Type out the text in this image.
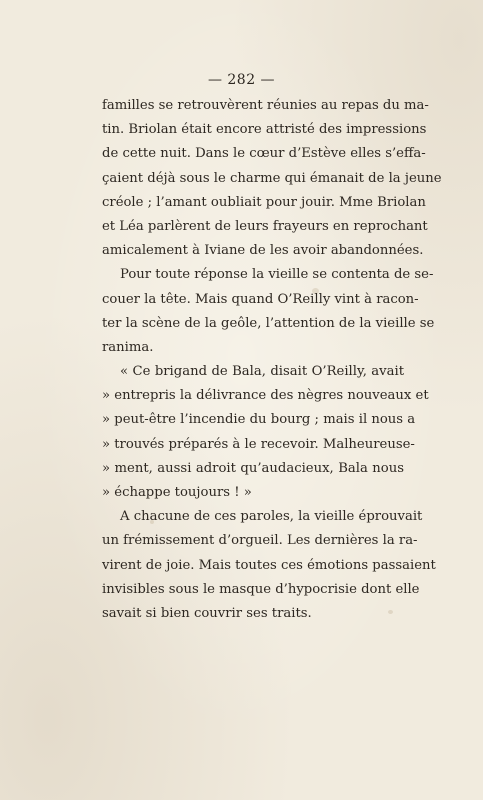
— 282 —
familles se retrouvèrent réunies au repas du ma-
tin. Briolan était encore attristé des impressions
de cette nuit. Dans le cœur d’Estève elles s’effa-
çaient déjà sous le charme qui émanait de la jeune
créole ; l’amant oubliait pour jouir. Mme Briolan
et Léa parlèrent de leurs frayeurs en reprochant
amicalement à Iviane de les avoir abandonnées.
Pour toute réponse la vieille se contenta de se-
couer la tête. Mais quand O’Reilly vint à racon-
ter la scène de la geôle, l’attention de la vieille se
ranima.
« Ce brigand de Bala, disait O’Reilly, avait
» entrepris la délivrance des nègres nouveaux et
» peut-être l’incendie du bourg ; mais il nous a
» trouvés préparés à le recevoir. Malheureuse-
» ment, aussi adroit qu’audacieux, Bala nous
» échappe toujours ! »
A chacune de ces paroles, la vieille éprouvait
un frémissement d’orgueil. Les dernières la ra-
virent de joie. Mais toutes ces émotions passaient
invisibles sous le masque d’hypocrisie dont elle
savait si bien couvrir ses traits.
